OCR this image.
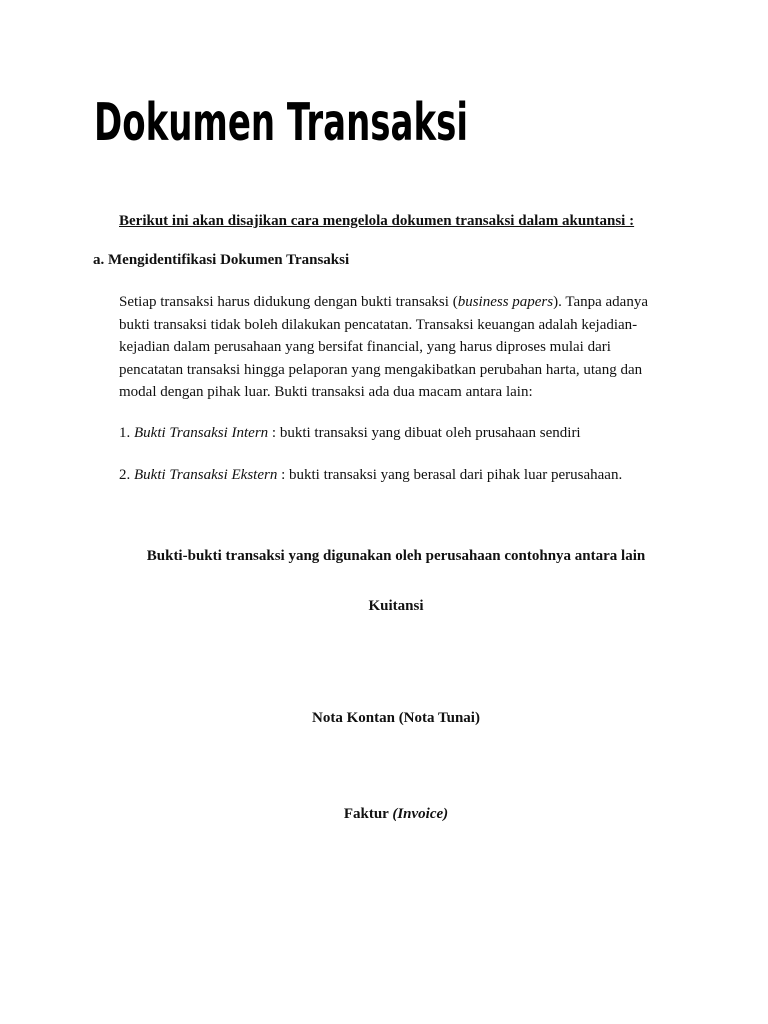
Dokumen Transaksi
Berikut ini akan disajikan cara mengelola dokumen transaksi dalam akuntansi :
a. Mengidentifikasi Dokumen Transaksi
Setiap transaksi harus didukung dengan bukti transaksi (business papers). Tanpa adanya
bukti transaksi tidak boleh dilakukan pencatatan. Transaksi keuangan adalah kejadian-
kejadian dalam perusahaan yang bersifat financial, yang harus diproses mulai dari
pencatatan transaksi hingga pelaporan yang mengakibatkan perubahan harta, utang dan
modal dengan pihak luar. Bukti transaksi ada dua macam antara lain:
1. Bukti Transaksi Intern : bukti transaksi yang dibuat oleh prusahaan sendiri
2. Bukti Transaksi Ekstern : bukti transaksi yang berasal dari pihak luar perusahaan.
Bukti-bukti transaksi yang digunakan oleh perusahaan contohnya antara lain
Kuitansi
Nota Kontan (Nota Tunai)
Faktur (Invoice)
